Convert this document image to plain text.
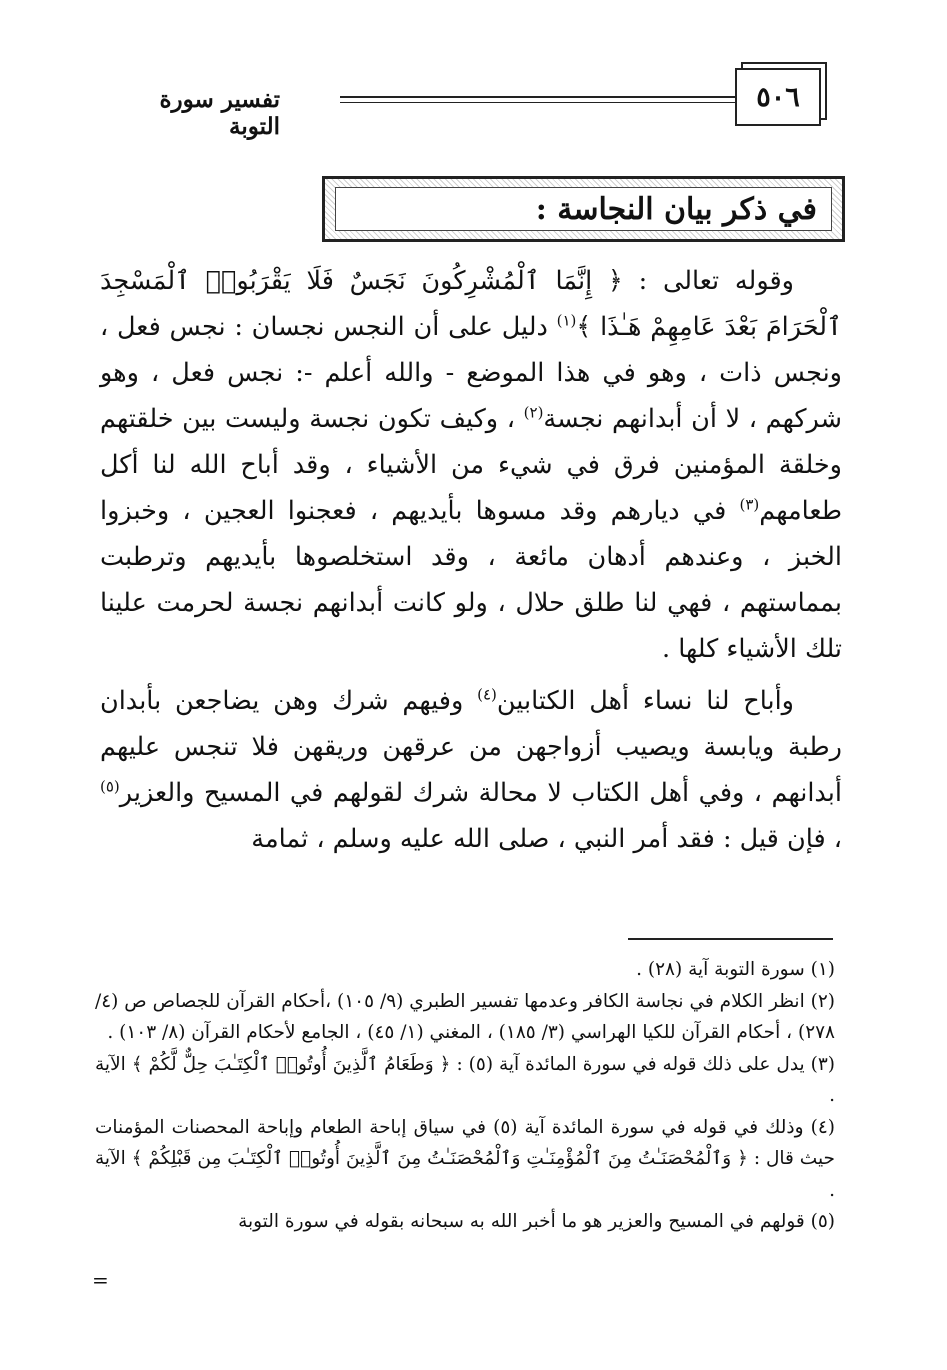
تفسير سورة التوبة
٥٠٦
في ذكر بيان النجاسة :

وقوله تعالى : ﴿ إِنَّمَا ٱلْمُشْرِكُونَ نَجَسٌ فَلَا يَقْرَبُوا۟ ٱلْمَسْجِدَ ٱلْحَرَامَ بَعْدَ عَامِهِمْ هَـٰذَا ﴾$^{(١)}$ دليل على أن النجس نجسان : نجس فعل ، ونجس ذات ، وهو في هذا الموضع - والله أعلم -: نجس فعل ، وهو شركهم ، لا أن أبدانهم نجسة$^{(٢)}$ ، وكيف تكون نجسة وليست بين خلقتهم وخلقة المؤمنين فرق في شيء من الأشياء ، وقد أباح الله لنا أكل طعامهم$^{(٣)}$ في ديارهم وقد مسوها بأيديهم ، فعجنوا العجين ، وخبزوا الخبز ، وعندهم أدهان مائعة ، وقد استخلصوها بأيديهم وترطبت بمماستهم ، فهي لنا طلق حلال ، ولو كانت أبدانهم نجسة لحرمت علينا تلك الأشياء كلها .

وأباح لنا نساء أهل الكتابين$^{(٤)}$ وفيهم شرك وهن يضاجعن بأبدان رطبة ويابسة ويصيب أزواجهن من عرقهن وريقهن فلا تنجس عليهم أبدانهم ، وفي أهل الكتاب لا محالة شرك لقولهم في المسيح والعزير$^{(٥)}$ ، فإن قيل : فقد أمر النبي ، صلى الله عليه وسلم ، ثمامة

(١) سورة التوبة آية (٢٨) .

(٢) انظر الكلام في نجاسة الكافر وعدمها تفسير الطبري (٩/ ١٠٥) ،أحكام القرآن للجصاص ص (٤/ ٢٧٨) ، أحكام القرآن للكيا الهراسي (٣/ ١٨٥) ، المغني (١/ ٤٥) ، الجامع لأحكام القرآن (٨/ ١٠٣) .

(٣) يدل على ذلك قوله في سورة المائدة آية (٥) : ﴿ وَطَعَامُ ٱلَّذِينَ أُوتُوا۟ ٱلْكِتَـٰبَ حِلٌّ لَّكُمْ ﴾ الآية .

(٤) وذلك في قوله في سورة المائدة آية (٥) في سياق إباحة الطعام وإباحة المحصنات المؤمنات حيث قال : ﴿ وَٱلْمُحْصَنَـٰتُ مِنَ ٱلْمُؤْمِنَـٰتِ وَٱلْمُحْصَنَـٰتُ مِنَ ٱلَّذِينَ أُوتُوا۟ ٱلْكِتَـٰبَ مِن قَبْلِكُمْ ﴾ الآية .

(٥) قولهم في المسيح والعزير هو ما أخبر الله به سبحانه بقوله في سورة التوبة

=
